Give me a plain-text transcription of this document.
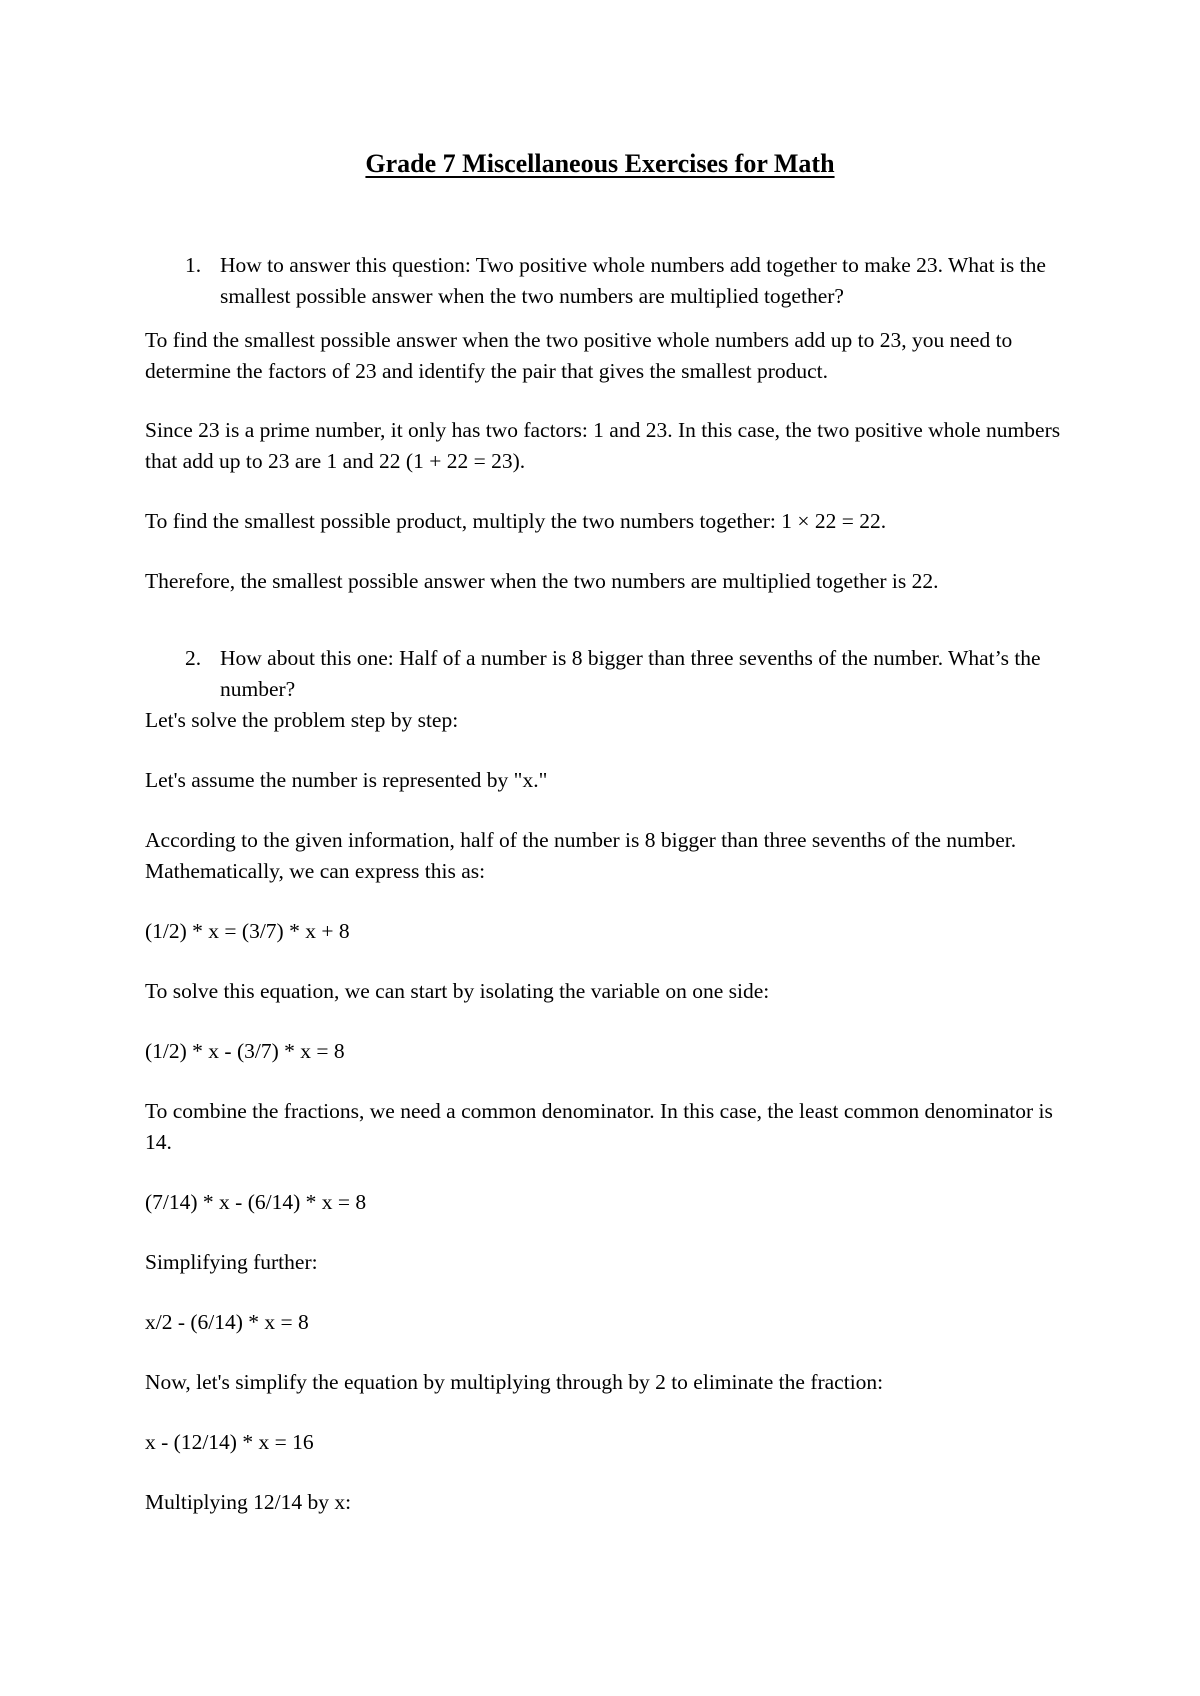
Grade 7 Miscellaneous Exercises for Math
1. How to answer this question: Two positive whole numbers add together to make 23. What is the smallest possible answer when the two numbers are multiplied together?
To find the smallest possible answer when the two positive whole numbers add up to 23, you need to determine the factors of 23 and identify the pair that gives the smallest product.
Since 23 is a prime number, it only has two factors: 1 and 23. In this case, the two positive whole numbers that add up to 23 are 1 and 22 (1 + 22 = 23).
To find the smallest possible product, multiply the two numbers together: 1 × 22 = 22.
Therefore, the smallest possible answer when the two numbers are multiplied together is 22.
2. How about this one: Half of a number is 8 bigger than three sevenths of the number. What’s the number?
Let's solve the problem step by step:
Let's assume the number is represented by "x."
According to the given information, half of the number is 8 bigger than three sevenths of the number. Mathematically, we can express this as:
(1/2) * x = (3/7) * x + 8
To solve this equation, we can start by isolating the variable on one side:
(1/2) * x - (3/7) * x = 8
To combine the fractions, we need a common denominator. In this case, the least common denominator is 14.
(7/14) * x - (6/14) * x = 8
Simplifying further:
x/2 - (6/14) * x = 8
Now, let's simplify the equation by multiplying through by 2 to eliminate the fraction:
x - (12/14) * x = 16
Multiplying 12/14 by x:
